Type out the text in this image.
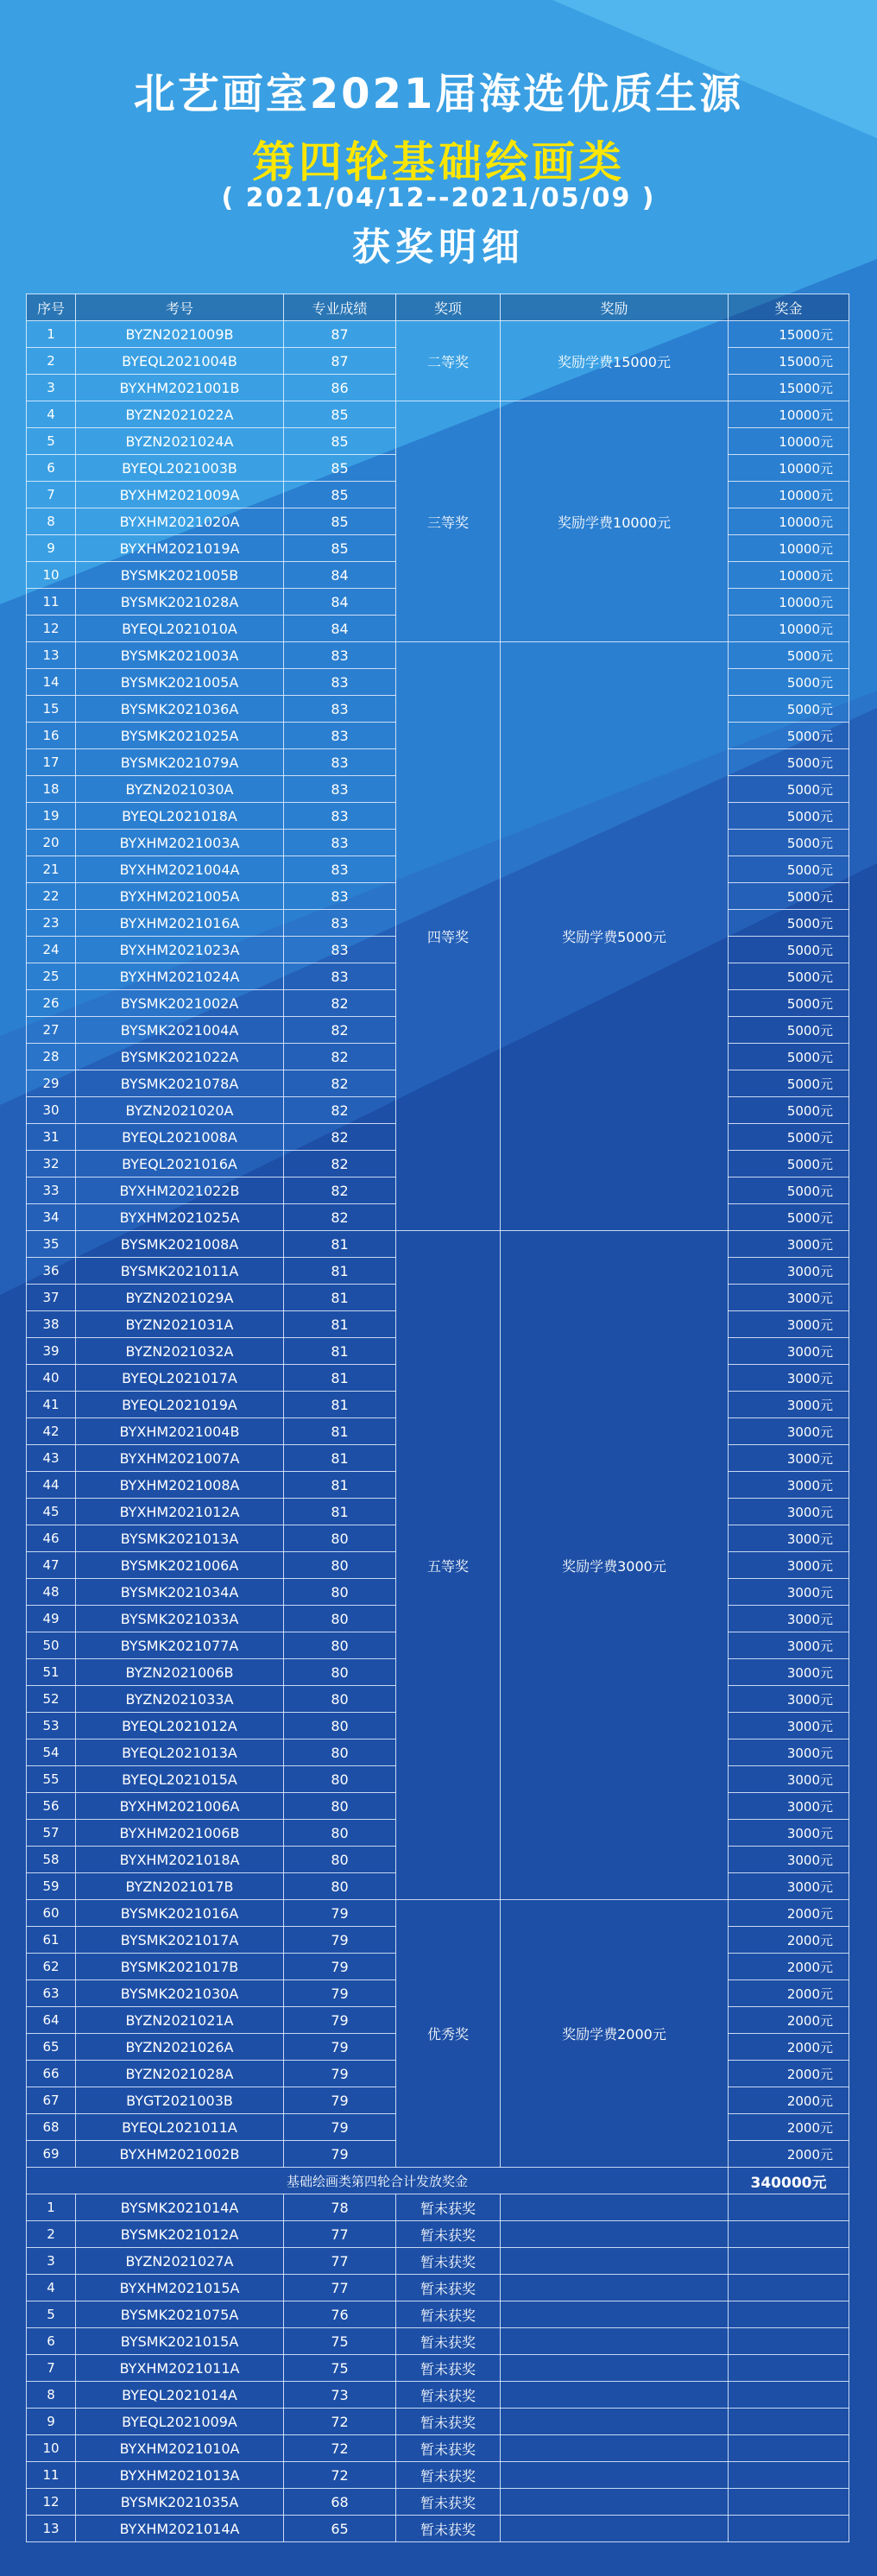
北艺画室2021届海选优质生源
第四轮基础绘画类
( 2021/04/12--2021/05/09 )
获奖明细
序号	考号	专业成绩	奖项	奖励	奖金
1	BYZN2021009B	87	二等奖	奖励学费15000元	15000元
2	BYEQL2021004B	87			15000元
3	BYXHM2021001B	86			15000元
4	BYZN2021022A	85	三等奖	奖励学费10000元	10000元
5	BYZN2021024A	85			10000元
6	BYEQL2021003B	85			10000元
7	BYXHM2021009A	85			10000元
8	BYXHM2021020A	85			10000元
9	BYXHM2021019A	85			10000元
10	BYSMK2021005B	84			10000元
11	BYSMK2021028A	84			10000元
12	BYEQL2021010A	84			10000元
13	BYSMK2021003A	83	四等奖	奖励学费5000元	5000元
14	BYSMK2021005A	83			5000元
15	BYSMK2021036A	83			5000元
16	BYSMK2021025A	83			5000元
17	BYSMK2021079A	83			5000元
18	BYZN2021030A	83			5000元
19	BYEQL2021018A	83			5000元
20	BYXHM2021003A	83			5000元
21	BYXHM2021004A	83			5000元
22	BYXHM2021005A	83			5000元
23	BYXHM2021016A	83			5000元
24	BYXHM2021023A	83			5000元
25	BYXHM2021024A	83			5000元
26	BYSMK2021002A	82			5000元
27	BYSMK2021004A	82			5000元
28	BYSMK2021022A	82			5000元
29	BYSMK2021078A	82			5000元
30	BYZN2021020A	82			5000元
31	BYEQL2021008A	82			5000元
32	BYEQL2021016A	82			5000元
33	BYXHM2021022B	82			5000元
34	BYXHM2021025A	82			5000元
35	BYSMK2021008A	81	五等奖	奖励学费3000元	3000元
36	BYSMK2021011A	81			3000元
37	BYZN2021029A	81			3000元
38	BYZN2021031A	81			3000元
39	BYZN2021032A	81			3000元
40	BYEQL2021017A	81			3000元
41	BYEQL2021019A	81			3000元
42	BYXHM2021004B	81			3000元
43	BYXHM2021007A	81			3000元
44	BYXHM2021008A	81			3000元
45	BYXHM2021012A	81			3000元
46	BYSMK2021013A	80			3000元
47	BYSMK2021006A	80			3000元
48	BYSMK2021034A	80			3000元
49	BYSMK2021033A	80			3000元
50	BYSMK2021077A	80			3000元
51	BYZN2021006B	80			3000元
52	BYZN2021033A	80			3000元
53	BYEQL2021012A	80			3000元
54	BYEQL2021013A	80			3000元
55	BYEQL2021015A	80			3000元
56	BYXHM2021006A	80			3000元
57	BYXHM2021006B	80			3000元
58	BYXHM2021018A	80			3000元
59	BYZN2021017B	80			3000元
60	BYSMK2021016A	79	优秀奖	奖励学费2000元	2000元
61	BYSMK2021017A	79			2000元
62	BYSMK2021017B	79			2000元
63	BYSMK2021030A	79			2000元
64	BYZN2021021A	79			2000元
65	BYZN2021026A	79			2000元
66	BYZN2021028A	79			2000元
67	BYGT2021003B	79			2000元
68	BYEQL2021011A	79			2000元
69	BYXHM2021002B	79			2000元
基础绘画类第四轮合计发放奖金					340000元
1	BYSMK2021014A	78	暂未获奖		
2	BYSMK2021012A	77	暂未获奖		
3	BYZN2021027A	77	暂未获奖		
4	BYXHM2021015A	77	暂未获奖		
5	BYSMK2021075A	76	暂未获奖		
6	BYSMK2021015A	75	暂未获奖		
7	BYXHM2021011A	75	暂未获奖		
8	BYEQL2021014A	73	暂未获奖		
9	BYEQL2021009A	72	暂未获奖		
10	BYXHM2021010A	72	暂未获奖		
11	BYXHM2021013A	72	暂未获奖		
12	BYSMK2021035A	68	暂未获奖		
13	BYXHM2021014A	65	暂未获奖		
